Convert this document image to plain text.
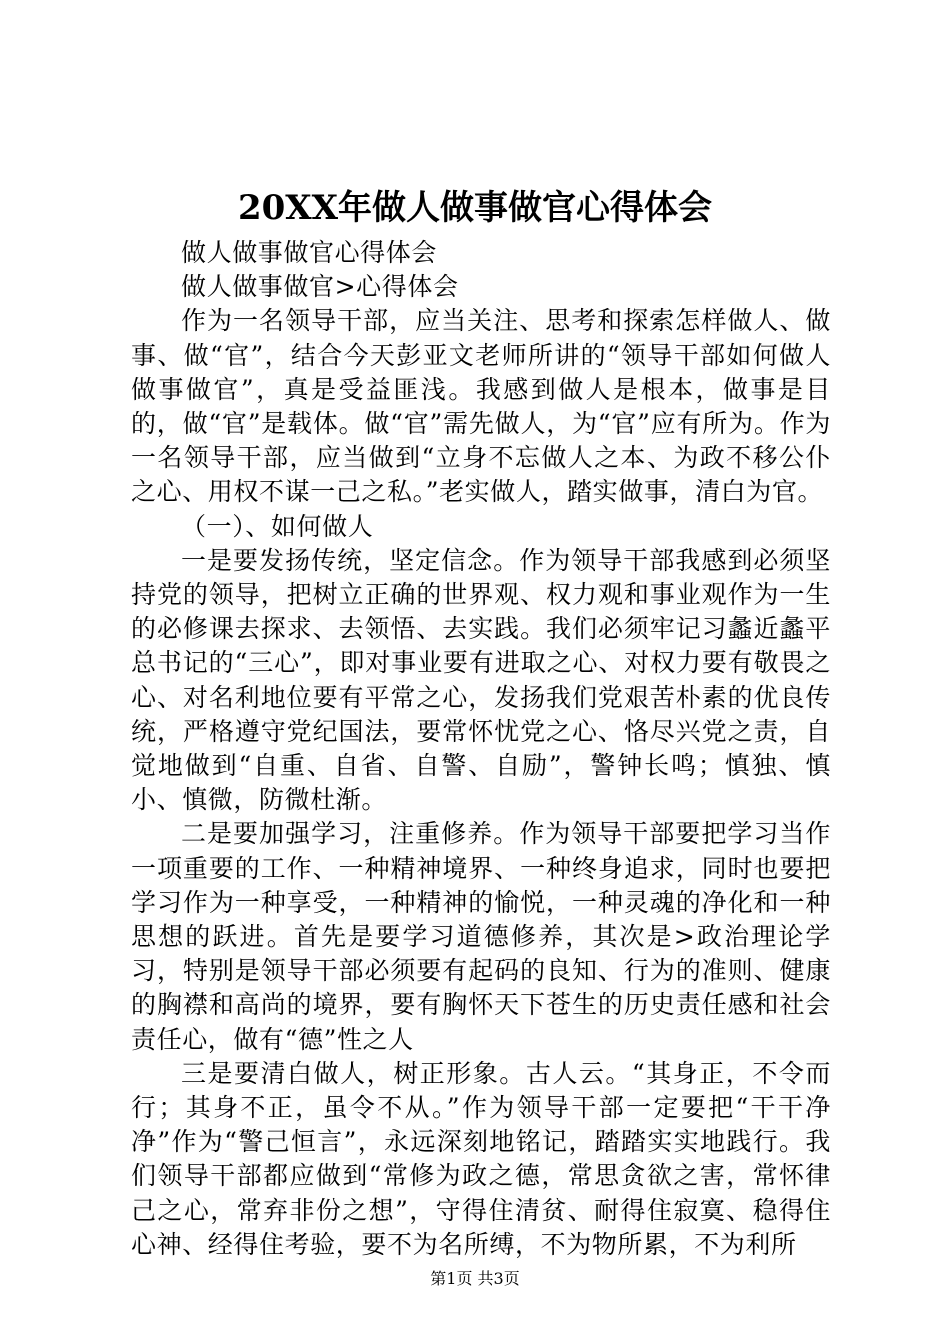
20XX年做人做事做官心得体会

做人做事做官心得体会

做人做事做官>心得体会

作为一名领导干部，应当关注、思考和探索怎样做人、做事、做“官”，结合今天彭亚文老师所讲的“领导干部如何做人做事做官”，真是受益匪浅。我感到做人是根本，做事是目的，做“官”是载体。做“官”需先做人，为“官”应有所为。作为一名领导干部，应当做到“立身不忘做人之本、为政不移公仆之心、用权不谋一己之私。”老实做人，踏实做事，清白为官。

（一）、如何做人

一是要发扬传统，坚定信念。作为领导干部我感到必须坚持党的领导，把树立正确的世界观、权力观和事业观作为一生的必修课去探求、去领悟、去实践。我们必须牢记习蠡近蠡平总书记的“三心”，即对事业要有进取之心、对权力要有敬畏之心、对名利地位要有平常之心，发扬我们党艰苦朴素的优良传统，严格遵守党纪国法，要常怀忧党之心、恪尽兴党之责，自觉地做到“自重、自省、自警、自励”，警钟长鸣；慎独、慎小、慎微，防微杜渐。

二是要加强学习，注重修养。作为领导干部要把学习当作一项重要的工作、一种精神境界、一种终身追求，同时也要把学习作为一种享受，一种精神的愉悦，一种灵魂的净化和一种思想的跃进。首先是要学习道德修养，其次是>政治理论学习，特别是领导干部必须要有起码的良知、行为的准则、健康的胸襟和高尚的境界，要有胸怀天下苍生的历史责任感和社会责任心，做有“德”性之人

三是要清白做人，树正形象。古人云。“其身正，不令而行；其身不正，虽令不从。”作为领导干部一定要把“干干净净”作为“警己恒言”，永远深刻地铭记，踏踏实实地践行。我们领导干部都应做到“常修为政之德，常思贪欲之害，常怀律己之心，常弃非份之想”，守得住清贫、耐得住寂寞、稳得住心神、经得住考验，要不为名所缚，不为物所累，不为利所

第1页 共3页
